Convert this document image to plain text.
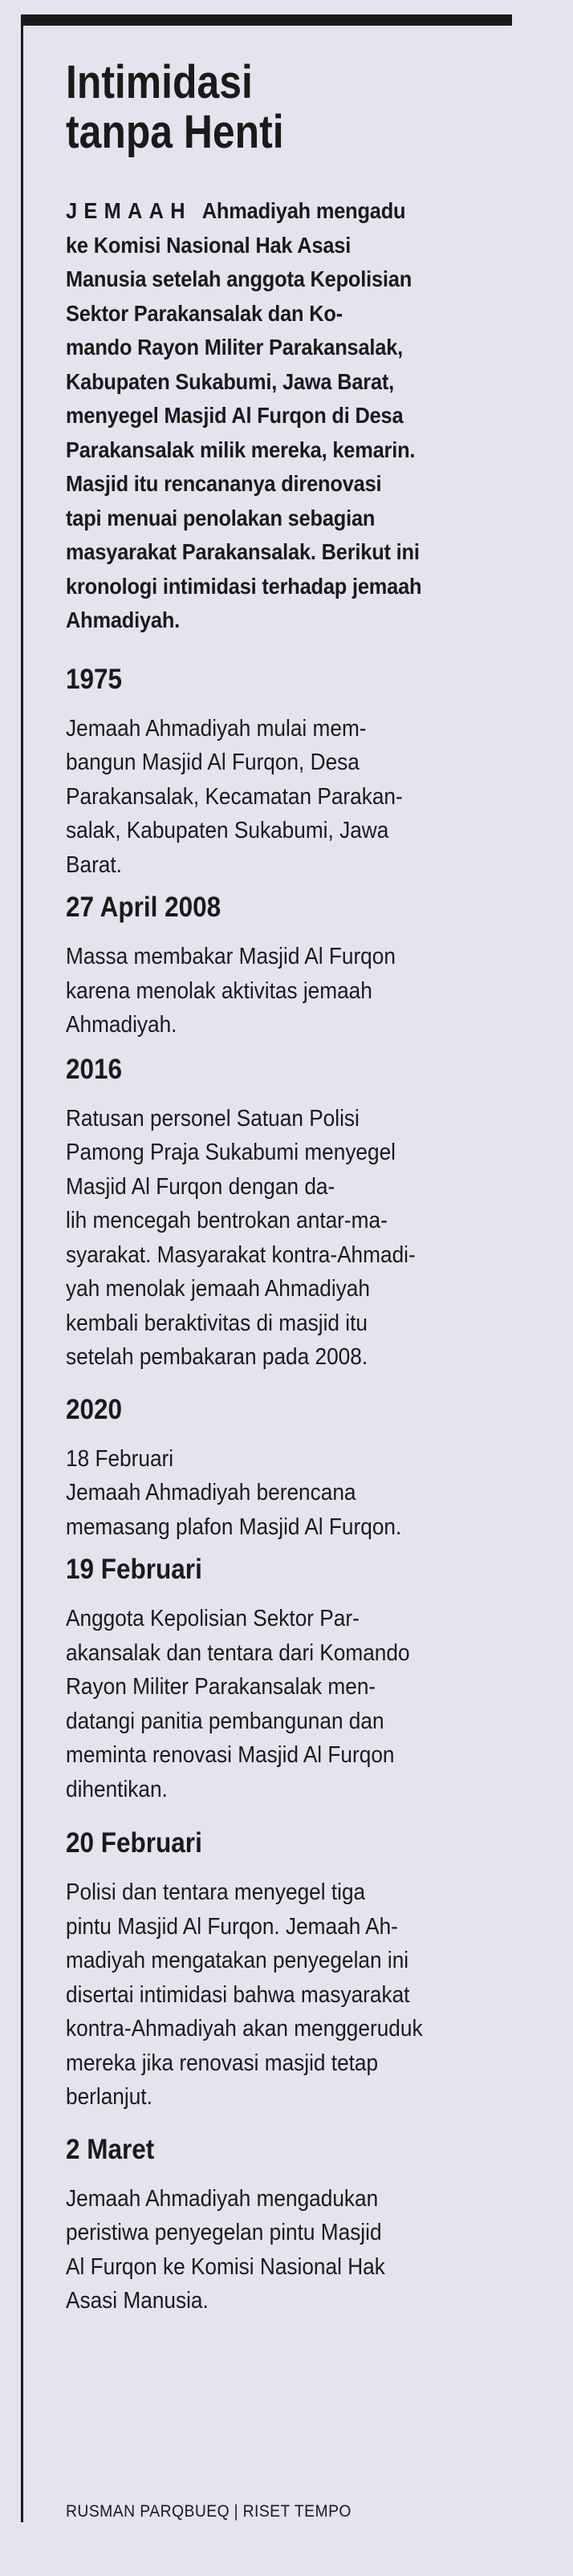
Intimidasi
tanpa Henti
JEMAAH Ahmadiyah mengadu
ke Komisi Nasional Hak Asasi
Manusia setelah anggota Kepolisian
Sektor Parakansalak dan Ko-
mando Rayon Militer Parakansalak,
Kabupaten Sukabumi, Jawa Barat,
menyegel Masjid Al Furqon di Desa
Parakansalak milik mereka, kemarin.
Masjid itu rencananya direnovasi
tapi menuai penolakan sebagian
masyarakat Parakansalak. Berikut ini
kronologi intimidasi terhadap jemaah
Ahmadiyah.
1975
Jemaah Ahmadiyah mulai mem-
bangun Masjid Al Furqon, Desa
Parakansalak, Kecamatan Parakan-
salak, Kabupaten Sukabumi, Jawa
Barat.
27 April 2008
Massa membakar Masjid Al Furqon
karena menolak aktivitas jemaah
Ahmadiyah.
2016
Ratusan personel Satuan Polisi
Pamong Praja Sukabumi menyegel
Masjid Al Furqon dengan da-
lih mencegah bentrokan antar-ma-
syarakat. Masyarakat kontra-Ahmadi-
yah menolak jemaah Ahmadiyah
kembali beraktivitas di masjid itu
setelah pembakaran pada 2008.
2020
18 Februari
Jemaah Ahmadiyah berencana
memasang plafon Masjid Al Furqon.
19 Februari
Anggota Kepolisian Sektor Par-
akansalak dan tentara dari Komando
Rayon Militer Parakansalak men-
datangi panitia pembangunan dan
meminta renovasi Masjid Al Furqon
dihentikan.
20 Februari
Polisi dan tentara menyegel tiga
pintu Masjid Al Furqon. Jemaah Ah-
madiyah mengatakan penyegelan ini
disertai intimidasi bahwa masyarakat
kontra-Ahmadiyah akan menggeruduk
mereka jika renovasi masjid tetap
berlanjut.
2 Maret
Jemaah Ahmadiyah mengadukan
peristiwa penyegelan pintu Masjid
Al Furqon ke Komisi Nasional Hak
Asasi Manusia.
RUSMAN PARQBUEQ | RISET TEMPO
